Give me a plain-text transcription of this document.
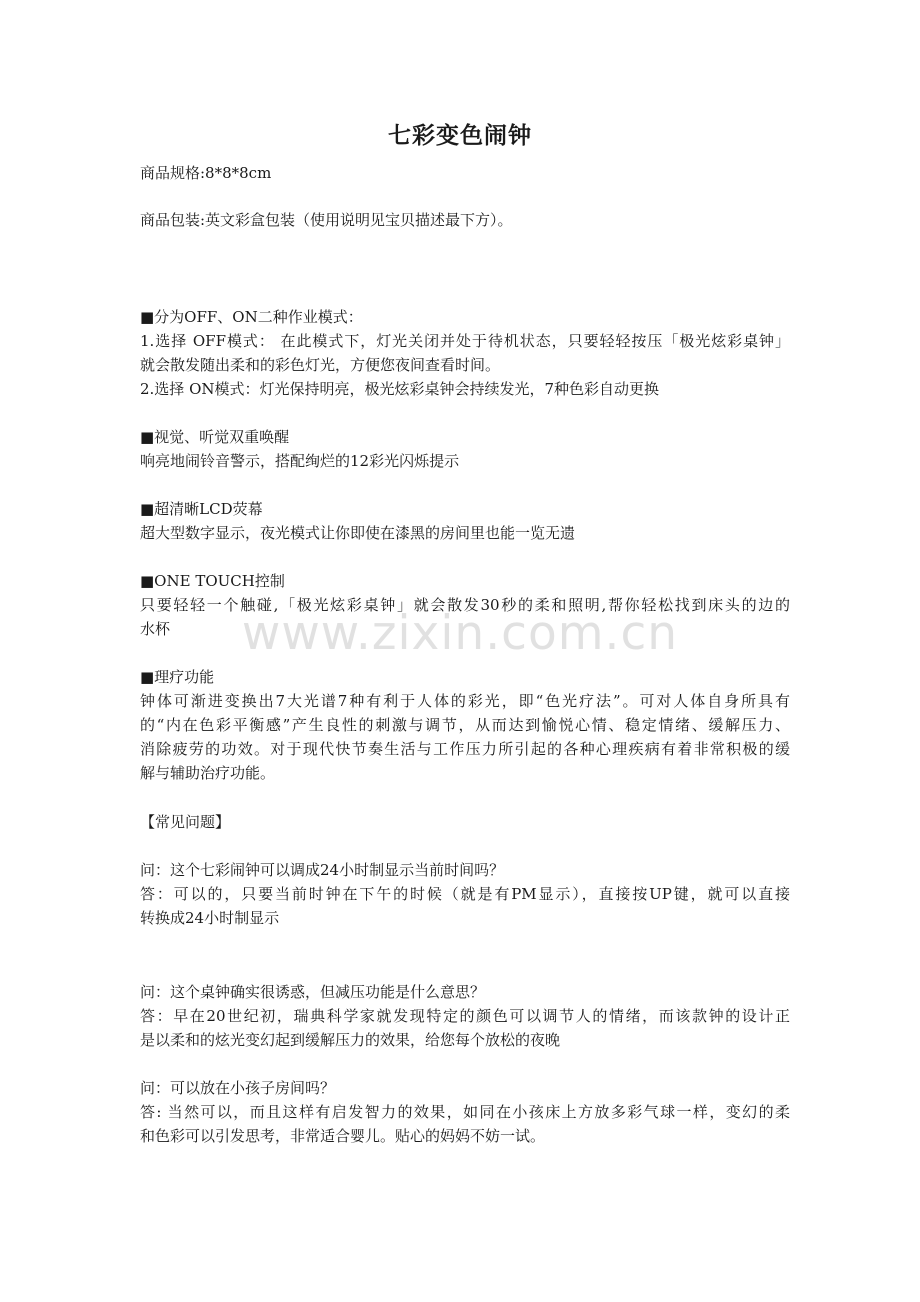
七彩变色闹钟
www.zixin.com.cn

商品规格:8*8*8cm

商品包装:英文彩盒包装（使用说明见宝贝描述最下方）。

■分为OFF、ON二种作业模式：

1.选择 OFF模式： 在此模式下，灯光关闭并处于待机状态，只要轻轻按压「极光炫彩桌钟」

就会散发随出柔和的彩色灯光，方便您夜间查看时间。

2.选择 ON模式：灯光保持明亮，极光炫彩桌钟会持续发光，7种色彩自动更换

■视觉、听觉双重唤醒

响亮地闹铃音警示，搭配绚烂的12彩光闪烁提示

■超清晰LCD荧幕

超大型数字显示，夜光模式让你即使在漆黑的房间里也能一览无遗

■ONE TOUCH控制

只要轻轻一个触碰,「极光炫彩桌钟」就会散发30秒的柔和照明,帮你轻松找到床头的边的

水杯

■理疗功能

钟体可渐进变换出7大光谱7种有利于人体的彩光，即“色光疗法”。可对人体自身所具有

的“内在色彩平衡感”产生良性的刺激与调节，从而达到愉悦心情、稳定情绪、缓解压力、

消除疲劳的功效。对于现代快节奏生活与工作压力所引起的各种心理疾病有着非常积极的缓

解与辅助治疗功能。

【常见问题】

问：这个七彩闹钟可以调成24小时制显示当前时间吗？

答：可以的，只要当前时钟在下午的时候（就是有PM显示），直接按UP键，就可以直接

转换成24小时制显示

问：这个桌钟确实很诱惑，但减压功能是什么意思？

答：早在20世纪初，瑞典科学家就发现特定的颜色可以调节人的情绪，而该款钟的设计正

是以柔和的炫光变幻起到缓解压力的效果，给您每个放松的夜晚

问：可以放在小孩子房间吗？

答: 当然可以，而且这样有启发智力的效果，如同在小孩床上方放多彩气球一样，变幻的柔

和色彩可以引发思考，非常适合婴儿。贴心的妈妈不妨一试。
